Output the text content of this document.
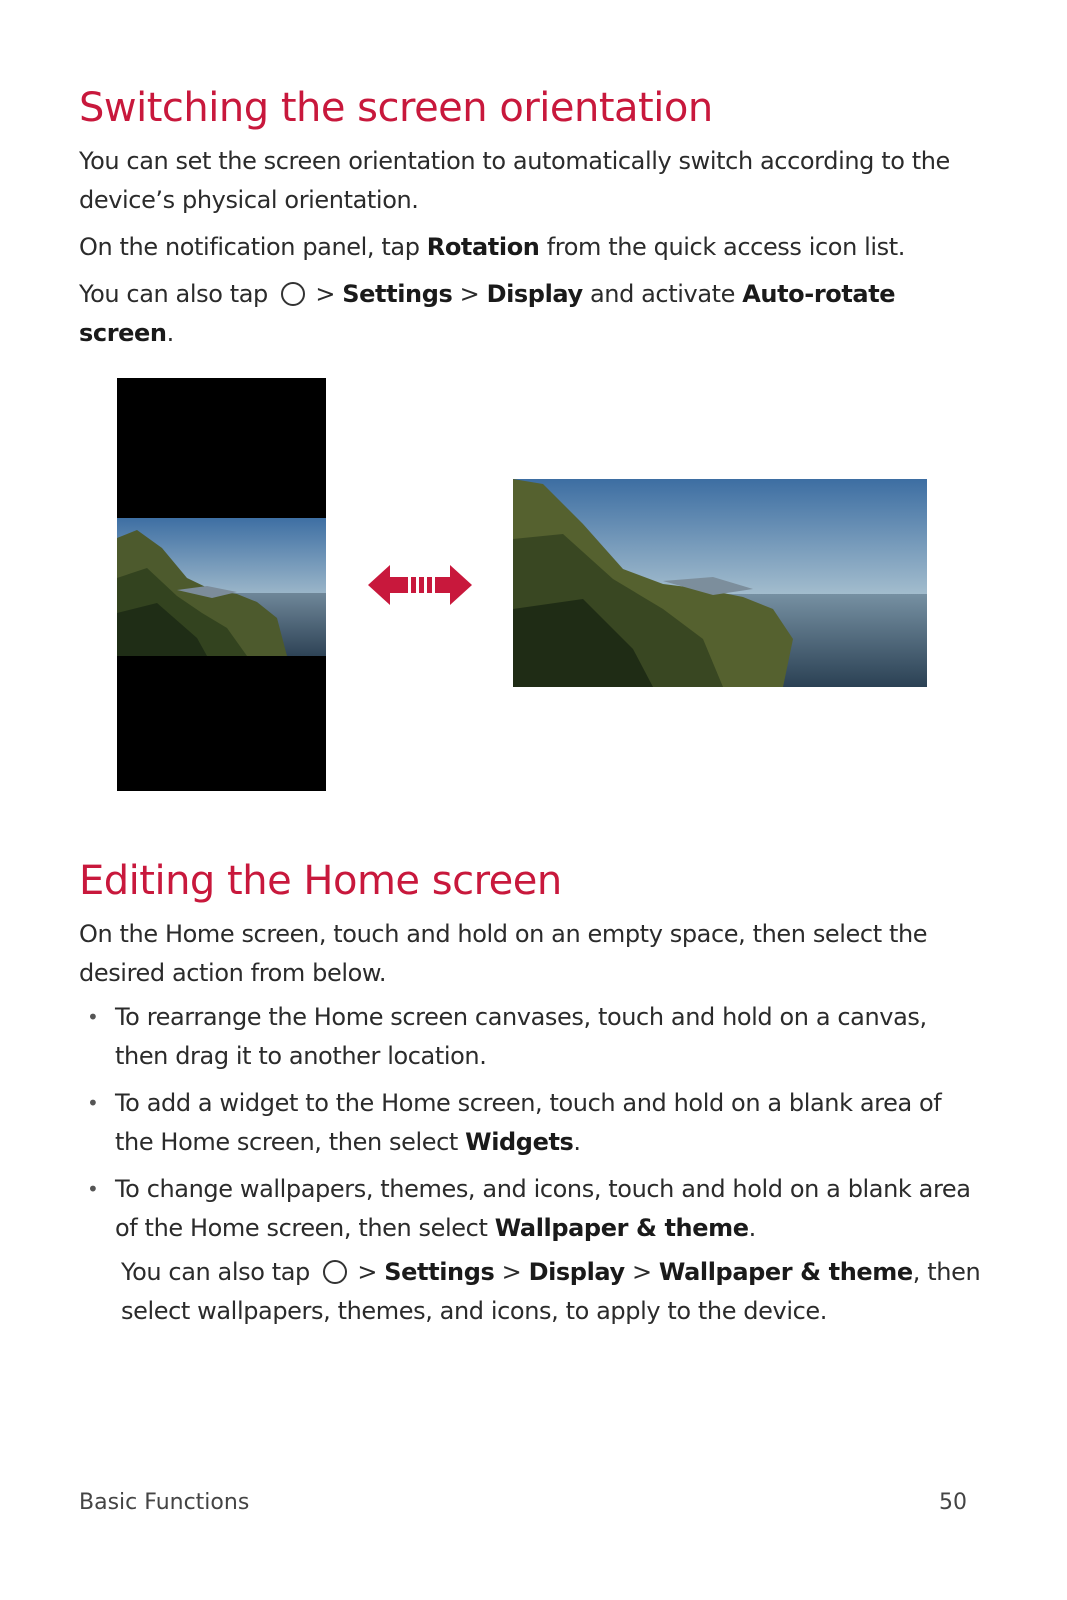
Switching the screen orientation

You can set the screen orientation to automatically switch according to the device’s physical orientation.

On the notification panel, tap Rotation from the quick access icon list.

You can also tap  > Settings > Display and activate Auto-rotate screen.

Editing the Home screen

On the Home screen, touch and hold on an empty space, then select the desired action from below.

• To rearrange the Home screen canvases, touch and hold on a canvas, then drag it to another location.
• To add a widget to the Home screen, touch and hold on a blank area of the Home screen, then select Widgets.
• To change wallpapers, themes, and icons, touch and hold on a blank area of the Home screen, then select Wallpaper & theme.

You can also tap  > Settings > Display > Wallpaper & theme, then select wallpapers, themes, and icons, to apply to the device.

Basic Functions	50
